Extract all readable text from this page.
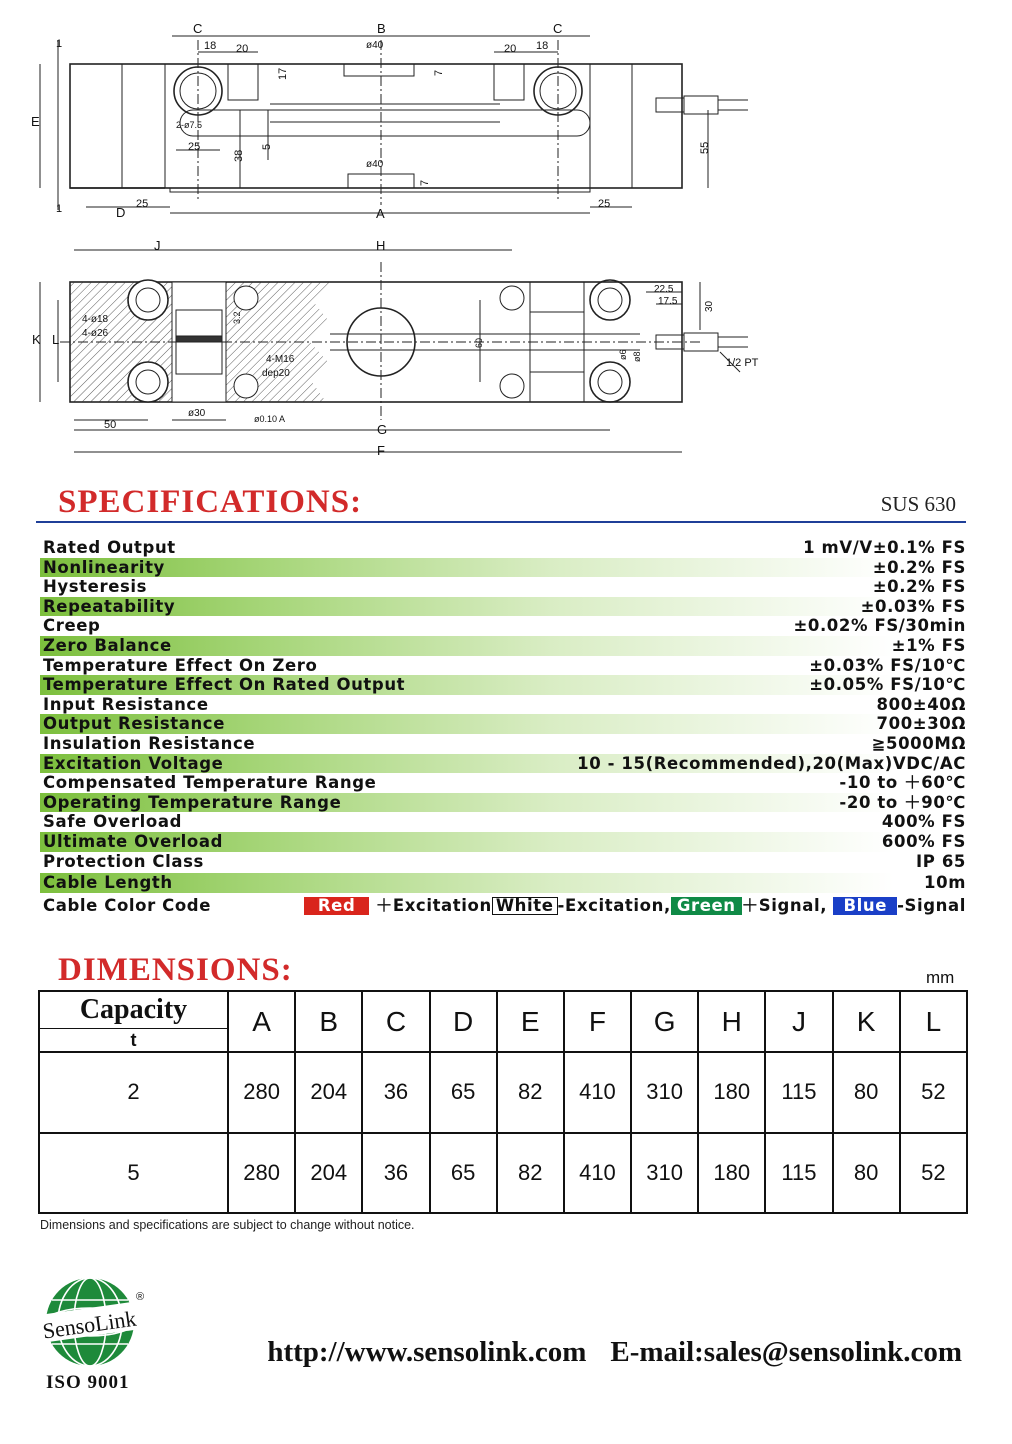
C	B	C
E
D	A
18 20	20 18
ø40
ø40
25	25
25
1
1
2-ø7.5
55
38
5
17	7
7
J	H
K L
G
F
50
ø30	ø0.10 A
4-ø18
4-ø26
4-M16
dep20
22.5
17.5	30
60
ø6 ø8
3.2
1/2 PT
SPECIFICATIONS:	SUS 630
Rated Output	1 mV/V±0.1% FS
Nonlinearity	±0.2% FS
Hysteresis	±0.2% FS
Repeatability	±0.03% FS
Creep	±0.02% FS/30min
Zero Balance	±1% FS
Temperature Effect On Zero	±0.03% FS/10℃
Temperature Effect On Rated Output	±0.05% FS/10℃
Input Resistance	800±40Ω
Output Resistance	700±30Ω
Insulation Resistance	≧5000MΩ
Excitation Voltage	10 - 15(Recommended),20(Max)VDC/AC
Compensated Temperature Range	-10 to ＋60℃
Operating Temperature Range	-20 to ＋90℃
Safe Overload	400% FS
Ultimate Overload	600% FS
Protection Class	IP 65
Cable Length	10m
Cable Color Code	Red ＋Excitation White -Excitation, Green ＋Signal, Blue -Signal
DIMENSIONS:	mm
Capacity	A	B	C	D	E	F	G	H	J	K	L
t											
2	280	204	36	65	82	410	310	180	115	80	52
5	280	204	36	65	82	410	310	180	115	80	52
Dimensions and specifications are subject to change without notice.
SensoLink
®
ISO 9001
http://www.sensolink.com E-mail:sales@sensolink.com
